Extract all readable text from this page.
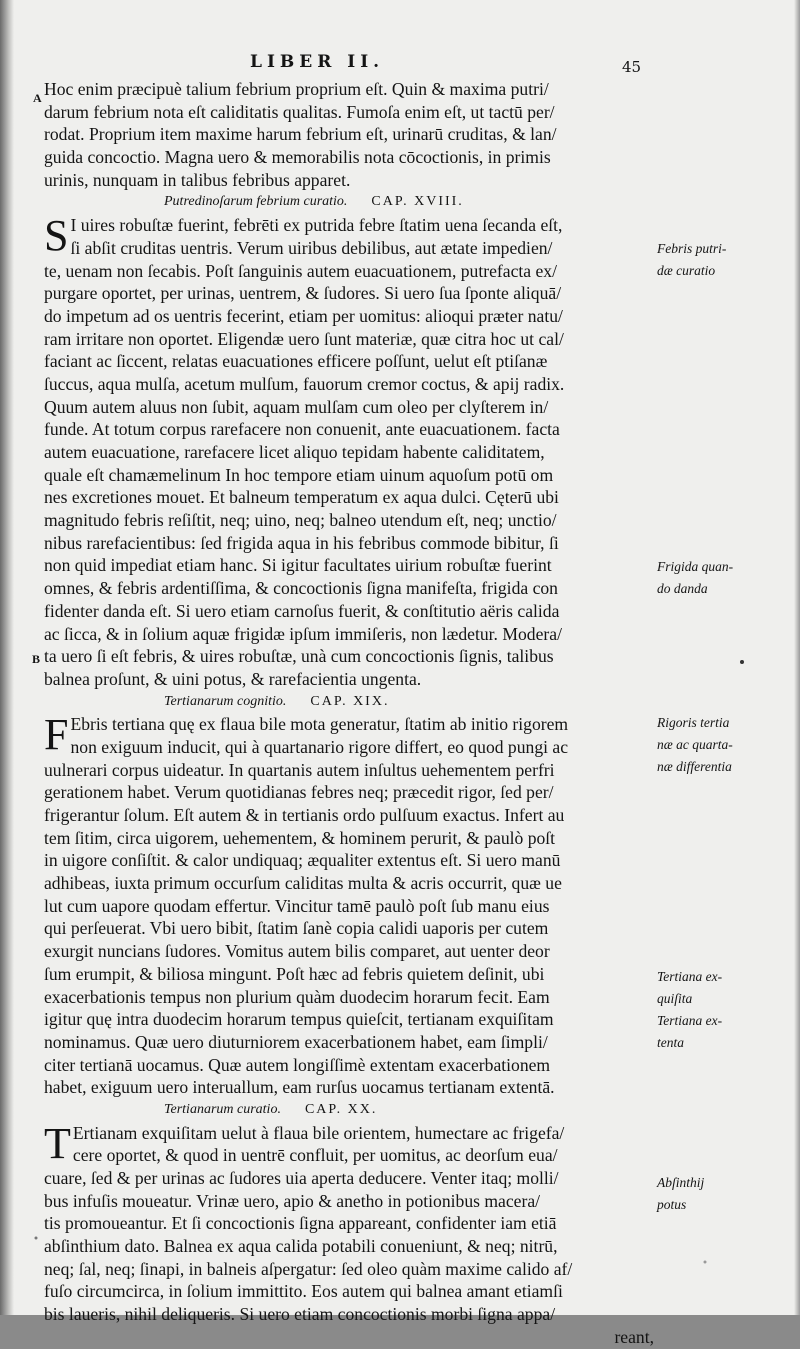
LIBER II.	45
A
B
Hoc enim præcipuè talium febrium proprium eſt. Quin & maxima putri/
darum febrium nota eſt caliditatis qualitas. Fumoſa enim eſt, ut tactū per/
rodat. Proprium item maxime harum febrium eſt, urinarū cruditas, & lan/
guida concoctio. Magna uero & memorabilis nota cōcoctionis, in primis
urinis, nunquam in talibus febribus apparet.
Putredinoſarum febrium curatio. CAP. XVIII.
S I uires robuſtæ fuerint, febrēti ex putrida febre ſtatim uena ſecanda eſt,
ſi abſit cruditas uentris. Verum uiribus debilibus, aut ætate impedien/
te, uenam non ſecabis. Poſt ſanguinis autem euacuationem, putrefacta ex/
purgare oportet, per urinas, uentrem, & ſudores. Si uero ſua ſponte aliquā/
do impetum ad os uentris fecerint, etiam per uomitus: alioqui præter natu/
ram irritare non oportet. Eligendæ uero ſunt materiæ, quæ citra hoc ut cal/
faciant ac ſiccent, relatas euacuationes efficere poſſunt, uelut eſt ptiſanæ
ſuccus, aqua mulſa, acetum mulſum, fauorum cremor coctus, & apij radix.
Quum autem aluus non ſubit, aquam mulſam cum oleo per clyſterem in/
funde. At totum corpus rarefacere non conuenit, ante euacuationem. facta
autem euacuatione, rarefacere licet aliquo tepidam habente caliditatem,
quale eſt chamæmelinum In hoc tempore etiam uinum aquoſum potū om
nes excretiones mouet. Et balneum temperatum ex aqua dulci. Cęterū ubi
magnitudo febris reſiſtit, neq; uino, neq; balneo utendum eſt, neq; unctio/
nibus rarefacientibus: ſed frigida aqua in his febribus commode bibitur, ſi
non quid impediat etiam hanc. Si igitur facultates uirium robuſtæ fuerint
omnes, & febris ardentiſſima, & concoctionis ſigna manifeſta, frigida con
fidenter danda eſt. Si uero etiam carnoſus fuerit, & conſtitutio aëris calida
ac ſicca, & in ſolium aquæ frigidæ ipſum immiſeris, non lædetur. Modera/
ta uero ſi eſt febris, & uires robuſtæ, unà cum concoctionis ſignis, talibus
balnea proſunt, & uini potus, & rarefacientia ungenta.
Tertianarum cognitio. CAP. XIX.
F Ebris tertiana quę ex flaua bile mota generatur, ſtatim ab initio rigorem
non exiguum inducit, qui à quartanario rigore differt, eo quod pungi ac
uulnerari corpus uideatur. In quartanis autem inſultus uehementem perfri
gerationem habet. Verum quotidianas febres neq; præcedit rigor, ſed per/
frigerantur ſolum. Eſt autem & in tertianis ordo pulſuum exactus. Infert au
tem ſitim, circa uigorem, uehementem, & hominem perurit, & paulò poſt
in uigore conſiſtit. & calor undiquaq; æqualiter extentus eſt. Si uero manū
adhibeas, iuxta primum occurſum caliditas multa & acris occurrit, quæ ue
lut cum uapore quodam effertur. Vincitur tamē paulò poſt ſub manu eius
qui perſeuerat. Vbi uero bibit, ſtatim ſanè copia calidi uaporis per cutem
exurgit nuncians ſudores. Vomitus autem bilis comparet, aut uenter deor
ſum erumpit, & biliosa mingunt. Poſt hæc ad febris quietem deſinit, ubi
exacerbationis tempus non plurium quàm duodecim horarum fecit. Eam
igitur quę intra duodecim horarum tempus quieſcit, tertianam exquiſitam
nominamus. Quæ uero diuturniorem exacerbationem habet, eam ſimpli/
citer tertianā uocamus. Quæ autem longiſſimè extentam exacerbationem
habet, exiguum uero interuallum, eam rurſus uocamus tertianam extentā.
Tertianarum curatio. CAP. XX.
T Ertianam exquiſitam uelut à flaua bile orientem, humectare ac frigefa/
cere oportet, & quod in uentrē confluit, per uomitus, ac deorſum eua/
cuare, ſed & per urinas ac ſudores uia aperta deducere. Venter itaq; molli/
bus infuſis moueatur. Vrinæ uero, apio & anetho in potionibus macera/
tis promoueantur. Et ſi concoctionis ſigna appareant, confidenter iam etiā
abſinthium dato. Balnea ex aqua calida potabili conueniunt, & neq; nitrū,
neq; ſal, neq; ſinapi, in balneis aſpergatur: ſed oleo quàm maxime calido af/
fuſo circumcirca, in ſolium immittito. Eos autem qui balnea amant etiamſi
bis laueris, nihil deliqueris. Si uero etiam concoctionis morbi ſigna appa/
reant,
Febris putri-
dæ curatio
Frigida quan-
do danda
Rigoris tertia
næ ac quarta-
næ differentia
Tertiana ex-
quiſita
Tertiana ex-
tenta
Abſinthij
potus
